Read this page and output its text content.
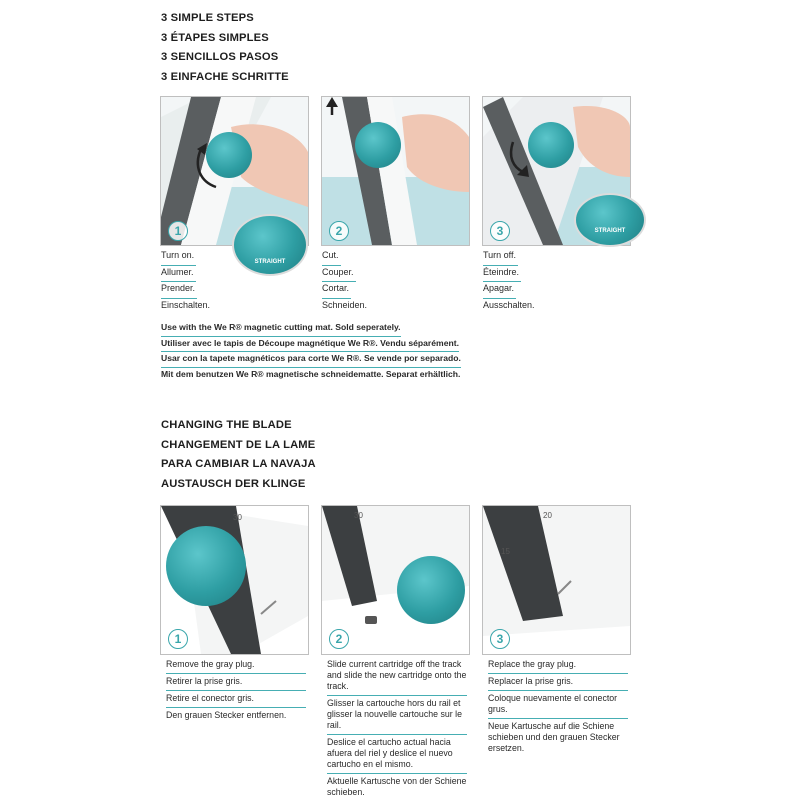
3 SIMPLE STEPS
3 ÉTAPES SIMPLES
3 SENCILLOS PASOS
3 EINFACHE SCHRITTE
1
STRAIGHT
2	3	STRAIGHT
Turn on.
Allumer.
Prender.
Einschalten.
Cut.
Couper.
Cortar.
Schneiden.
Turn off.
Éteindre.
Apagar.
Ausschalten.
Use with the We R® magnetic cutting mat. Sold seperately.
Utiliser avec le tapis de Découpe magnétique We R®. Vendu séparément.
Usar con la tapete magnéticos para corte We R®. Se vende por separado.
Mit dem benutzen We R® magnetische schneidematte. Separat erhältlich.
CHANGING THE BLADE
CHANGEMENT DE LA LAME
PARA CAMBIAR LA NAVAJA
AUSTAUSCH DER KLINGE
30
1
30
2
20
15
3
Remove the gray plug.
Retirer la prise gris.
Retire el conector gris.
Den grauen Stecker entfernen.
Slide current cartridge off the track and slide the new cartridge onto the track.
Glisser la cartouche hors du rail et glisser la nouvelle cartouche sur le rail.
Deslice el cartucho actual hacia afuera del riel y deslice el nuevo cartucho en el mismo.
Aktuelle Kartusche von der Schiene schieben.
Replace the gray plug.
Replacer la prise gris.
Coloque nuevamente el conector grus.
Neue Kartusche auf die Schiene schieben und den grauen Stecker ersetzen.
